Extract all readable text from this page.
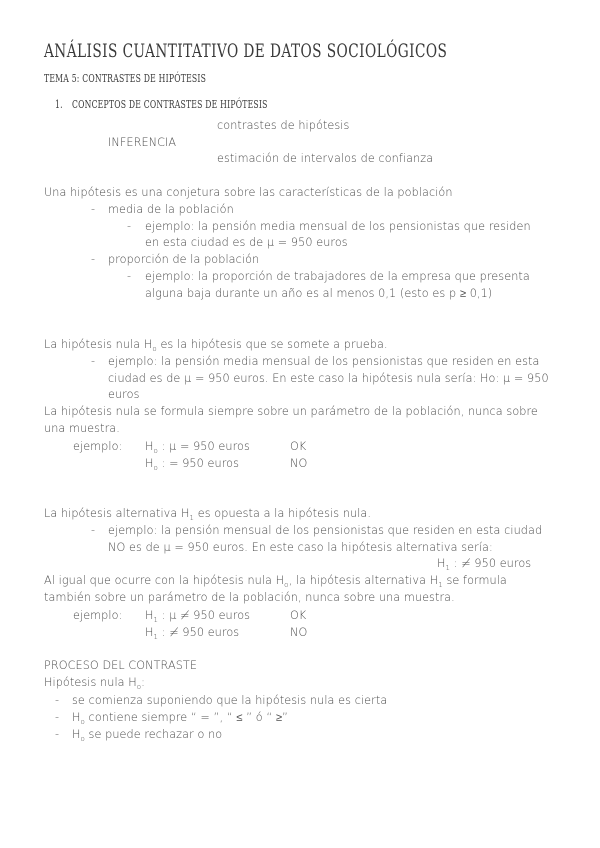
ANÁLISIS CUANTITATIVO DE DATOS SOCIOLÓGICOS
TEMA 5: CONTRASTES DE HIPÓTESIS
1. CONCEPTOS DE CONTRASTES DE HIPÓTESIS
contrastes de hipótesis
INFERENCIA
estimación de intervalos de confianza
Una hipótesis es una conjetura sobre las características de la población
- media de la población
- ejemplo: la pensión media mensual de los pensionistas que residen
en esta ciudad es de μ = 950 euros
- proporción de la población
- ejemplo: la proporción de trabajadores de la empresa que presenta
alguna baja durante un año es al menos 0,1 (esto es p ≥ 0,1)
La hipótesis nula $H_o$ es la hipótesis que se somete a prueba.
- ejemplo: la pensión media mensual de los pensionistas que residen en esta
ciudad es de μ = 950 euros. En este caso la hipótesis nula sería: Ho: μ = 950
euros
La hipótesis nula se formula siempre sobre un parámetro de la población, nunca sobre
una muestra.
ejemplo: $H_o$ : μ = 950 euros	OK
$H_o$ : = 950 euros	NO
La hipótesis alternativa $H_1$ es opuesta a la hipótesis nula.
- ejemplo: la pensión mensual de los pensionistas que residen en esta ciudad
NO es de μ = 950 euros. En este caso la hipótesis alternativa sería:
$H_1$ : ≠ 950 euros
Al igual que ocurre con la hipótesis nula $H_o$, la hipótesis alternativa $H_1$ se formula
también sobre un parámetro de la población, nunca sobre una muestra.
ejemplo: $H_1$ : μ ≠ 950 euros	OK
$H_1$ : ≠ 950 euros	NO
PROCESO DEL CONTRASTE
Hipótesis nula $H_o$:
- se comienza suponiendo que la hipótesis nula es cierta
- $H_o$ contiene siempre “ = ”, “ ≤ ” ó “ ≥”
- $H_o$ se puede rechazar o no
